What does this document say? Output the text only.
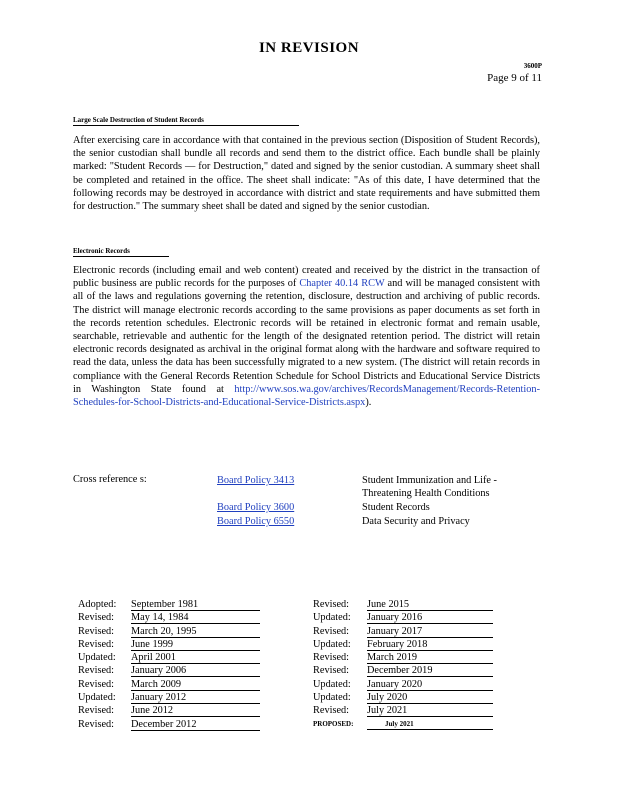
IN REVISION
3600P
Page 9 of 11
Large Scale Destruction of Student Records
After exercising care in accordance with that contained in the previous section (Disposition of Student Records), the senior custodian shall bundle all records and send them to the district office. Each bundle shall be plainly marked: "Student Records — for Destruction," dated and signed by the senior custodian. A summary sheet shall be completed and retained in the office. The sheet shall indicate: "As of this date, I have determined that the following records may be destroyed in accordance with district and state requirements and have submitted them for destruction." The summary sheet shall be dated and signed by the senior custodian.
Electronic Records
Electronic records (including email and web content) created and received by the district in the transaction of public business are public records for the purposes of Chapter 40.14 RCW and will be managed consistent with all of the laws and regulations governing the retention, disclosure, destruction and archiving of public records. The district will manage electronic records according to the same provisions as paper documents as set forth in the records retention schedules. Electronic records will be retained in electronic format and remain usable, searchable, retrievable and authentic for the length of the designated retention period. The district will retain electronic records designated as archival in the original format along with the hardware and software required to read the data, unless the data has been successfully migrated to a new system. (The district will retain records in compliance with the General Records Retention Schedule for School Districts and Educational Service Districts in Washington State found at http://www.sos.wa.gov/archives/RecordsManagement/Records-Retention-Schedules-for-School-Districts-and-Educational-Service-Districts.aspx).
Cross reference s:	Board Policy 3413	Student Immunization and Life - Threatening Health Conditions
Board Policy 3600	Student Records
Board Policy 6550	Data Security and Privacy
Adopted: September 1981
Revised: May 14, 1984
Revised: March 20, 1995
Revised: June 1999
Updated: April 2001
Revised: January 2006
Revised: March 2009
Updated: January 2012
Revised: June 2012
Revised: December 2012
Revised: June 2015
Updated: January 2016
Revised: January 2017
Updated: February 2018
Revised: March 2019
Revised: December 2019
Updated: January 2020
Updated: July 2020
Revised: July 2021
PROPOSED:	July 2021
